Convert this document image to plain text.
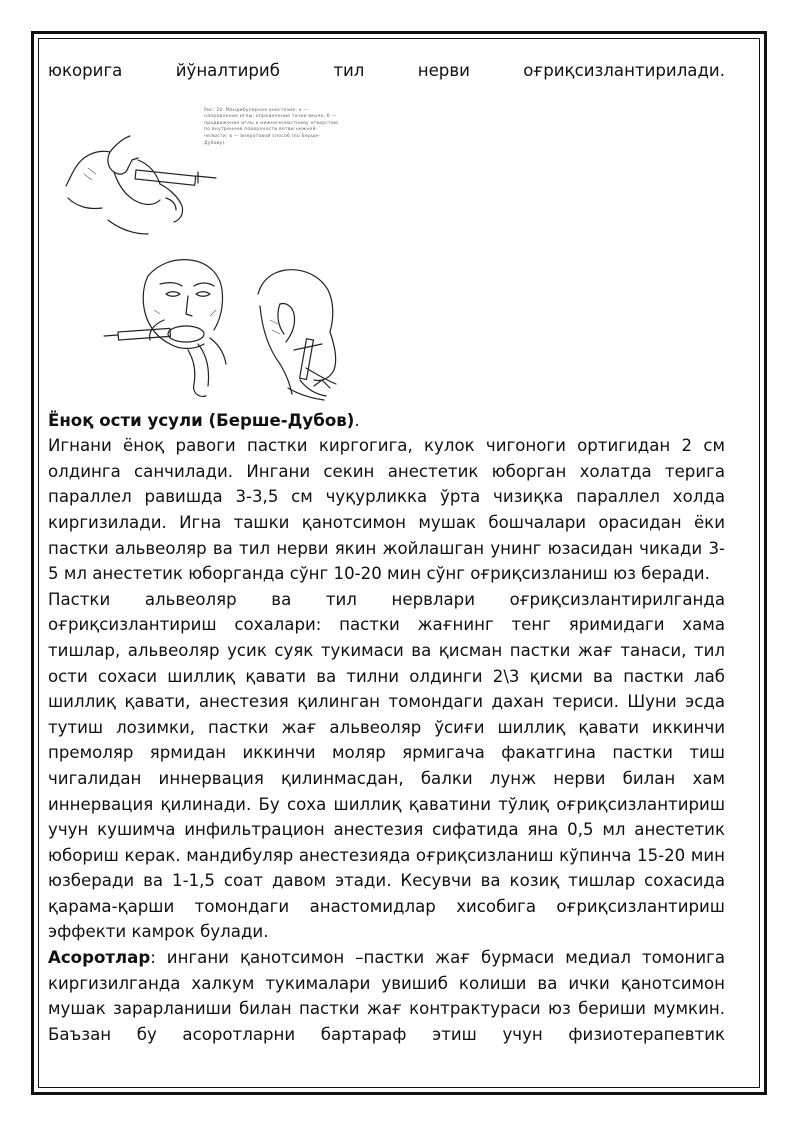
юкорига йўналтириб тил нерви оғриқсизлантирилади.

Рис. 20. Мандибулярная анестезия: а — направление иглы, определение точки вкола, б — продвижение иглы к нижнечелюстному отверстию по внутренней поверхности ветви нижней челюсти; в — внеротовой способ (по Берше-Дубову).

Ёноқ ости усули (Берше-Дубов).

Игнани ёноқ равоги пастки киргогига, кулок чигоноги ортигидан 2 см олдинга санчилади. Ингани секин анестетик юборган холатда терига параллел равишда 3-3,5 см чуқурликка ўрта чизиқка параллел холда киргизилади. Игна ташки қанотсимон мушак бошчалари орасидан ёки пастки альвеоляр ва тил нерви якин жойлашган унинг юзасидан чикади 3-5 мл анестетик юборганда сўнг 10-20 мин сўнг оғриқсизланиш юз беради.

Пастки альвеоляр ва тил нервлари оғриқсизлантирилганда оғриқсизлантириш сохалари: пастки жағнинг тенг яримидаги хама тишлар, альвеоляр усик суяк тукимаси ва қисман пастки жағ танаси, тил ости сохаси шиллиқ қавати ва тилни олдинги 2\3 қисми ва пастки лаб шиллиқ қавати, анестезия қилинган томондаги дахан териси. Шуни эсда тутиш лозимки, пастки жағ альвеоляр ўсиғи шиллиқ қавати иккинчи премоляр ярмидан иккинчи моляр ярмигача факатгина пастки тиш чигалидан иннервация қилинмасдан, балки лунж нерви билан хам иннервация қилинади. Бу соха шиллиқ қаватини тўлиқ оғриқсизлантириш учун кушимча инфильтрацион анестезия сифатида яна 0,5 мл анестетик юбориш керак. мандибуляр анестезияда оғриқсизланиш кўпинча 15-20 мин юзберади ва 1-1,5 соат давом этади. Кесувчи ва козиқ тишлар сохасида қарама-қарши томондаги анастомидлар хисобига оғриқсизлантириш эффекти камрок булади.

Асоротлар: ингани қанотсимон –пастки жағ бурмаси медиал томонига киргизилганда халкум тукималари увишиб колиши ва ички қанотсимон мушак зарарланиши билан пастки жағ контрактураси юз бериши мумкин. Баъзан бу асоротларни бартараф этиш учун физиотерапевтик
